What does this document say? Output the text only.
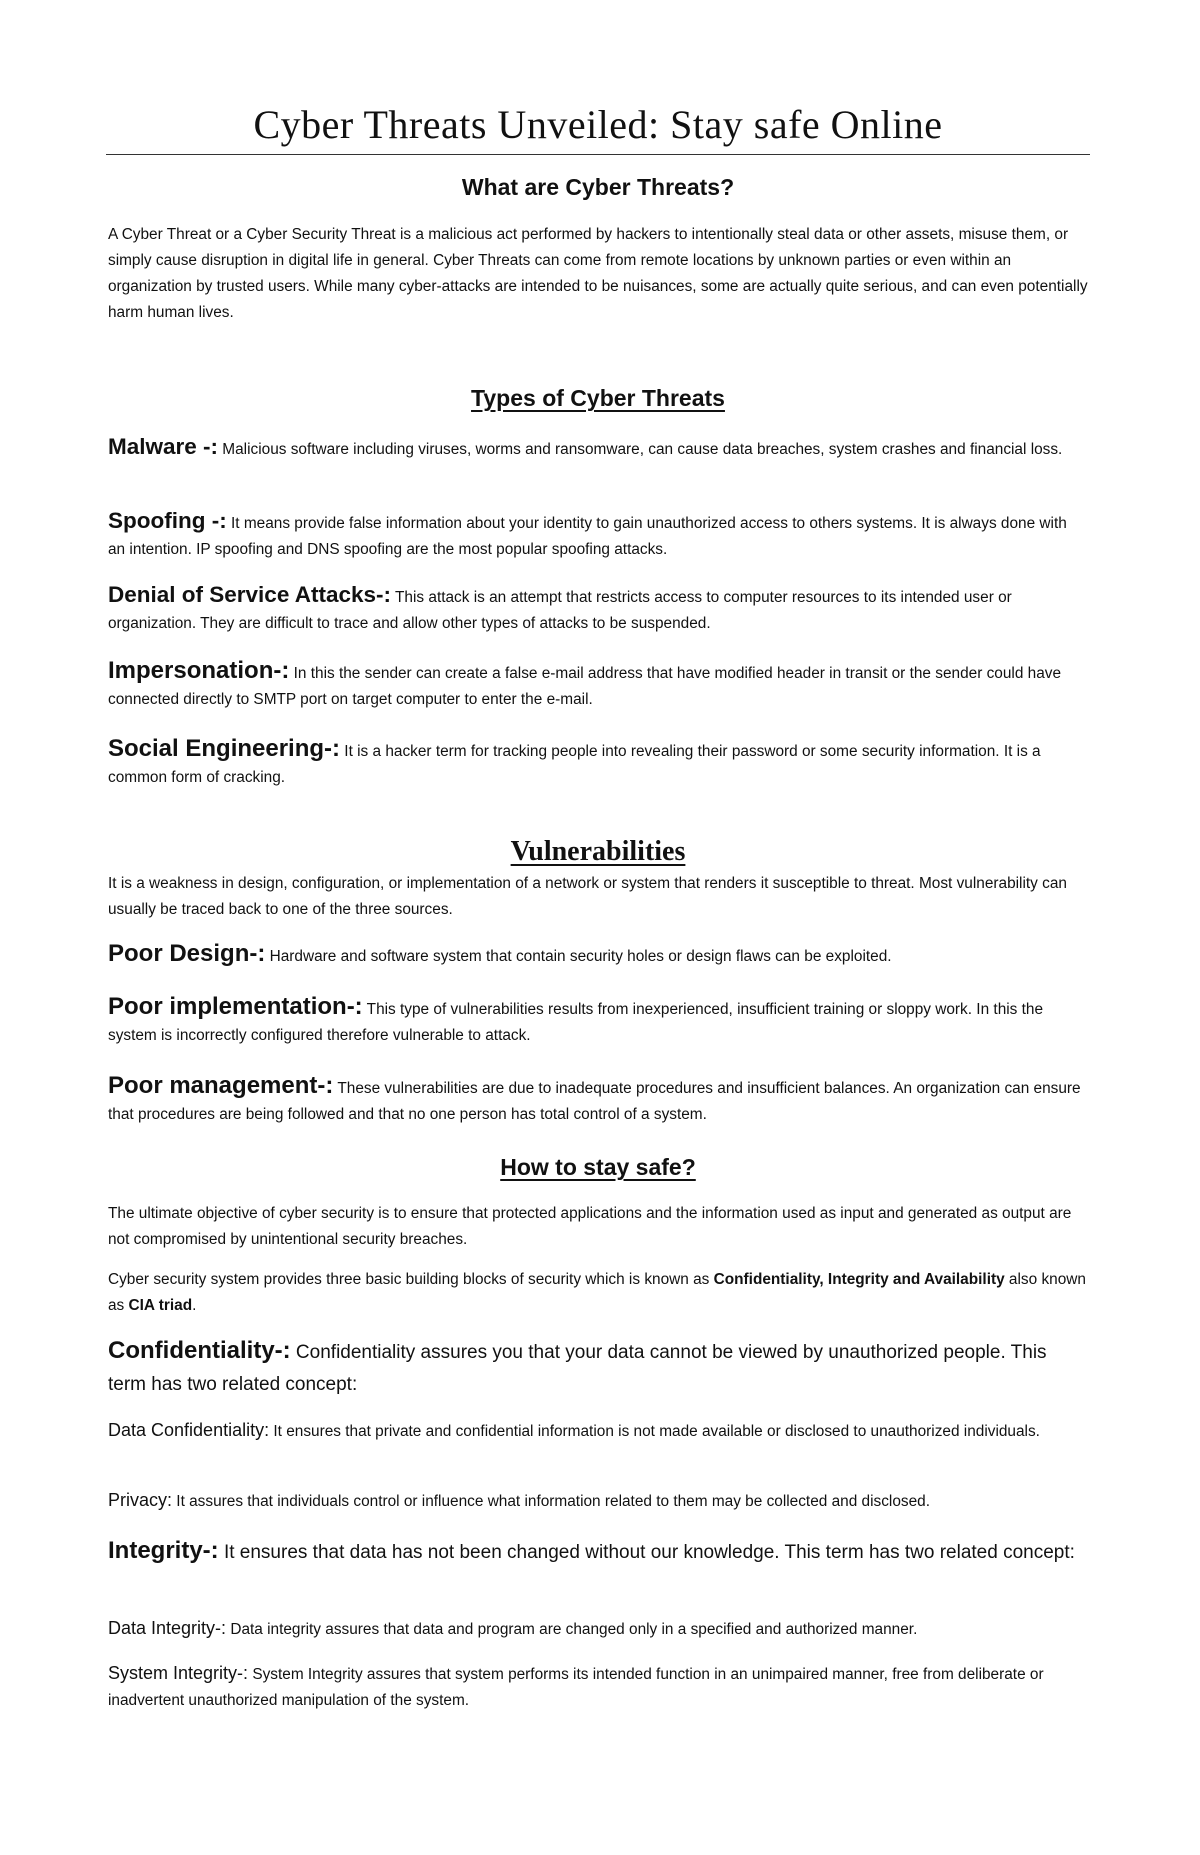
Cyber Threats Unveiled: Stay safe Online
What are Cyber Threats?
A Cyber Threat or a Cyber Security Threat is a malicious act performed by hackers to intentionally steal data or other assets, misuse them, or simply cause disruption in digital life in general. Cyber Threats can come from remote locations by unknown parties or even within an organization by trusted users. While many cyber-attacks are intended to be nuisances, some are actually quite serious, and can even potentially harm human lives.
Types of Cyber Threats
Malware -: Malicious software including viruses, worms and ransomware, can cause data breaches, system crashes and financial loss.
Spoofing -: It means provide false information about your identity to gain unauthorized access to others systems. It is always done with an intention. IP spoofing and DNS spoofing are the most popular spoofing attacks.
Denial of Service Attacks-: This attack is an attempt that restricts access to computer resources to its intended user or organization. They are difficult to trace and allow other types of attacks to be suspended.
Impersonation-: In this the sender can create a false e-mail address that have modified header in transit or the sender could have connected directly to SMTP port on target computer to enter the e-mail.
Social Engineering-: It is a hacker term for tracking people into revealing their password or some security information. It is a common form of cracking.
Vulnerabilities
It is a weakness in design, configuration, or implementation of a network or system that renders it susceptible to threat. Most vulnerability can usually be traced back to one of the three sources.
Poor Design-: Hardware and software system that contain security holes or design flaws can be exploited.
Poor implementation-: This type of vulnerabilities results from inexperienced, insufficient training or sloppy work. In this the system is incorrectly configured therefore vulnerable to attack.
Poor management-: These vulnerabilities are due to inadequate procedures and insufficient balances. An organization can ensure that procedures are being followed and that no one person has total control of a system.
How to stay safe?
The ultimate objective of cyber security is to ensure that protected applications and the information used as input and generated as output are not compromised by unintentional security breaches.
Cyber security system provides three basic building blocks of security which is known as Confidentiality, Integrity and Availability also known as CIA triad.
Confidentiality-: Confidentiality assures you that your data cannot be viewed by unauthorized people. This term has two related concept:
Data Confidentiality: It ensures that private and confidential information is not made available or disclosed to unauthorized individuals.
Privacy: It assures that individuals control or influence what information related to them may be collected and disclosed.
Integrity-: It ensures that data has not been changed without our knowledge. This term has two related concept:
Data Integrity-: Data integrity assures that data and program are changed only in a specified and authorized manner.
System Integrity-: System Integrity assures that system performs its intended function in an unimpaired manner, free from deliberate or inadvertent unauthorized manipulation of the system.
